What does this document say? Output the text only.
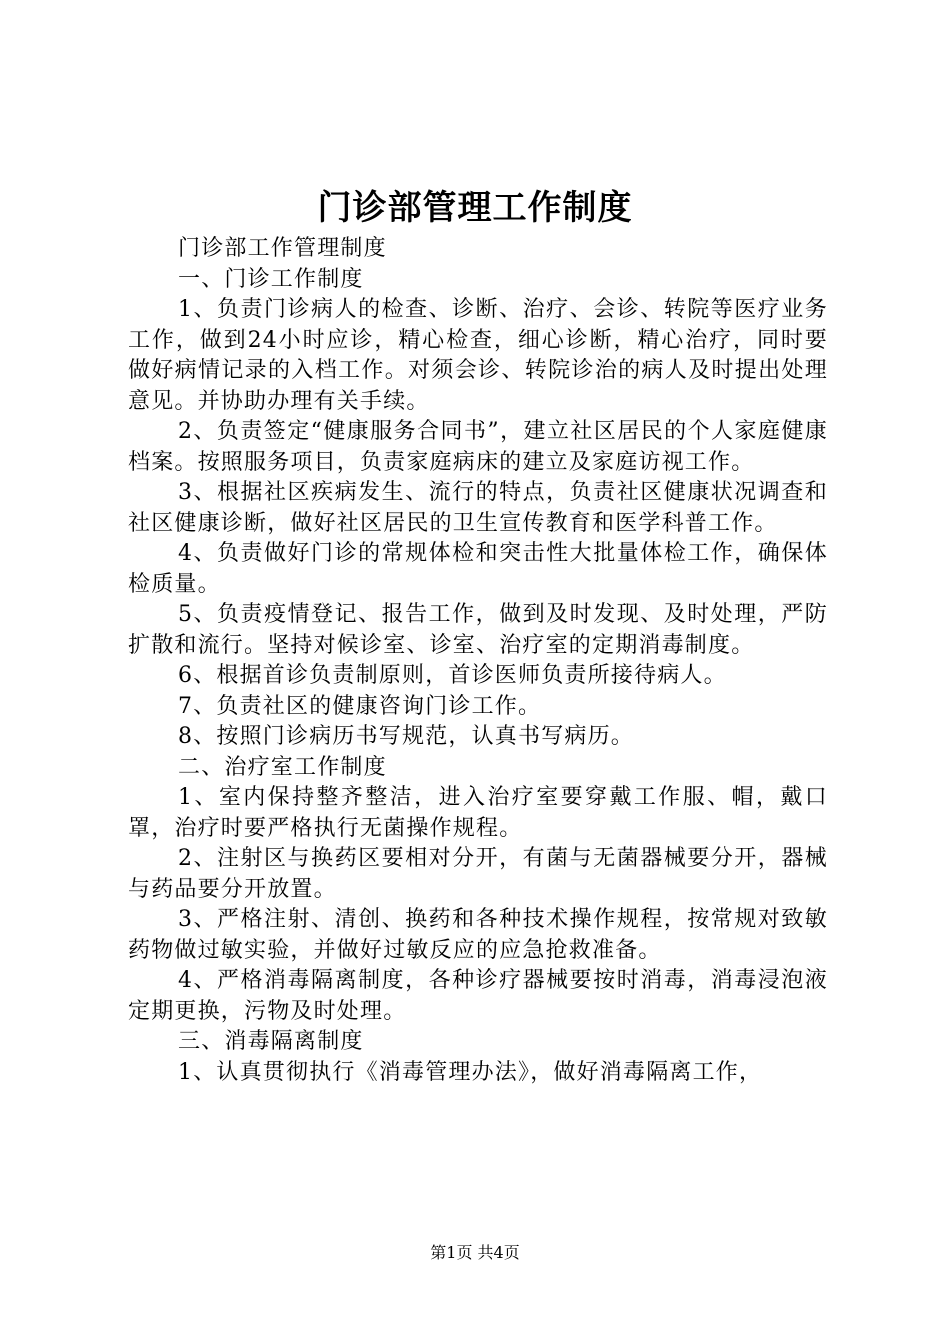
门诊部管理工作制度

门诊部工作管理制度

一、门诊工作制度

1、负责门诊病人的检查、诊断、治疗、会诊、转院等医疗业务工作，做到24小时应诊，精心检查，细心诊断，精心治疗，同时要做好病情记录的入档工作。对须会诊、转院诊治的病人及时提出处理意见。并协助办理有关手续。

2、负责签定“健康服务合同书”，建立社区居民的个人家庭健康档案。按照服务项目，负责家庭病床的建立及家庭访视工作。

3、根据社区疾病发生、流行的特点，负责社区健康状况调查和社区健康诊断，做好社区居民的卫生宣传教育和医学科普工作。

4、负责做好门诊的常规体检和突击性大批量体检工作，确保体检质量。

5、负责疫情登记、报告工作，做到及时发现、及时处理，严防扩散和流行。坚持对候诊室、诊室、治疗室的定期消毒制度。

6、根据首诊负责制原则，首诊医师负责所接待病人。

7、负责社区的健康咨询门诊工作。

8、按照门诊病历书写规范，认真书写病历。

二、治疗室工作制度

1、室内保持整齐整洁，进入治疗室要穿戴工作服、帽，戴口罩，治疗时要严格执行无菌操作规程。

2、注射区与换药区要相对分开，有菌与无菌器械要分开，器械与药品要分开放置。

3、严格注射、清创、换药和各种技术操作规程，按常规对致敏药物做过敏实验，并做好过敏反应的应急抢救准备。

4、严格消毒隔离制度，各种诊疗器械要按时消毒，消毒浸泡液定期更换，污物及时处理。

三、消毒隔离制度

1、认真贯彻执行《消毒管理办法》，做好消毒隔离工作，

第1页 共4页
